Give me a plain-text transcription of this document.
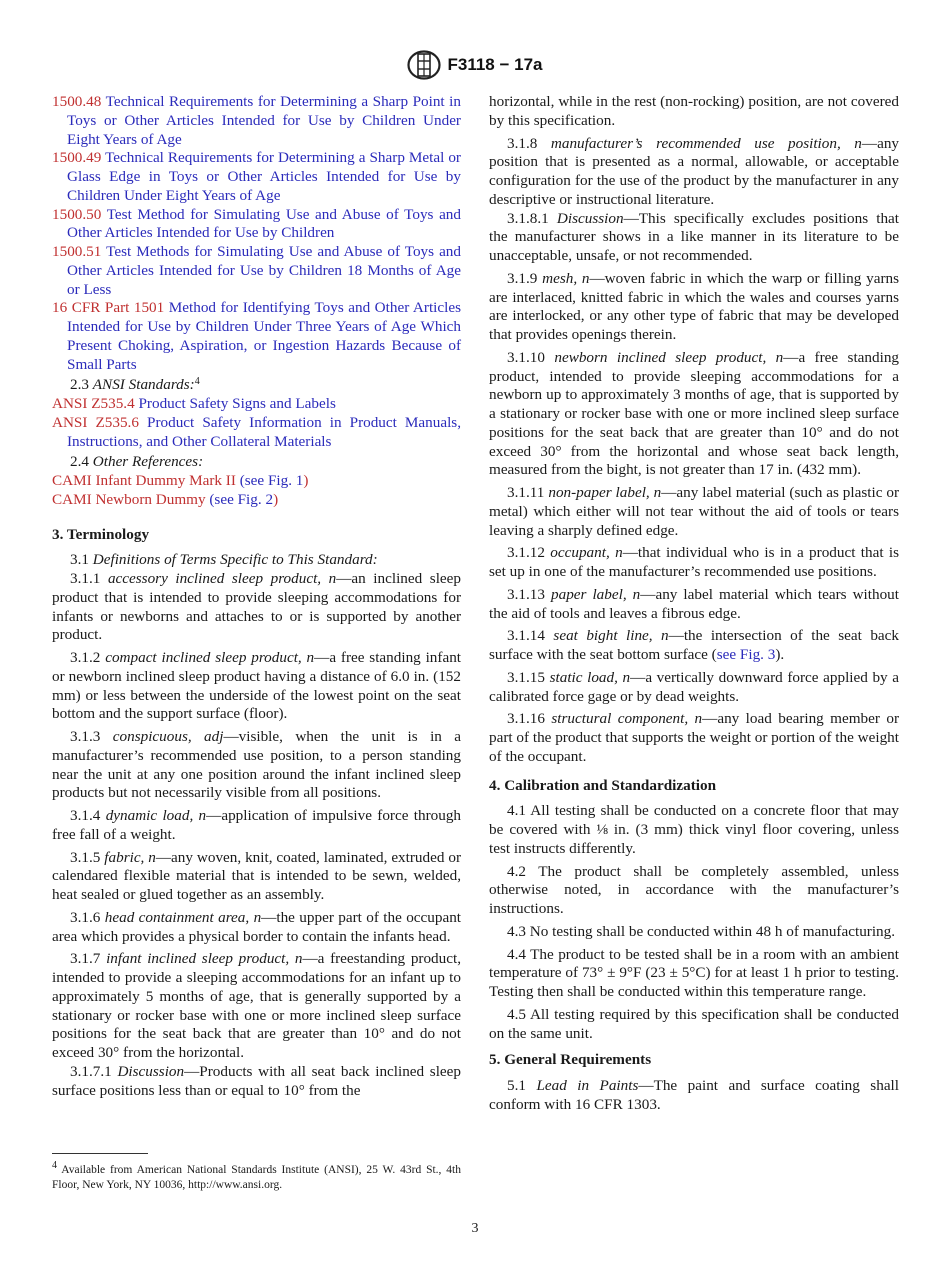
F3118 − 17a

1500.48 Technical Requirements for Determining a Sharp Point in Toys or Other Articles Intended for Use by Children Under Eight Years of Age

1500.49 Technical Requirements for Determining a Sharp Metal or Glass Edge in Toys or Other Articles Intended for Use by Children Under Eight Years of Age

1500.50 Test Method for Simulating Use and Abuse of Toys and Other Articles Intended for Use by Children

1500.51 Test Methods for Simulating Use and Abuse of Toys and Other Articles Intended for Use by Children 18 Months of Age or Less

16 CFR Part 1501 Method for Identifying Toys and Other Articles Intended for Use by Children Under Three Years of Age Which Present Choking, Aspiration, or Ingestion Hazards Because of Small Parts

2.3 ANSI Standards:$^4$

ANSI Z535.4 Product Safety Signs and Labels

ANSI Z535.6 Product Safety Information in Product Manuals, Instructions, and Other Collateral Materials

2.4 Other References:

CAMI Infant Dummy Mark II (see Fig. 1)

CAMI Newborn Dummy (see Fig. 2)

3. Terminology

3.1 Definitions of Terms Specific to This Standard:

3.1.1 accessory inclined sleep product, n—an inclined sleep product that is intended to provide sleeping accommodations for infants or newborns and attaches to or is supported by another product.

3.1.2 compact inclined sleep product, n—a free standing infant or newborn inclined sleep product having a distance of 6.0 in. (152 mm) or less between the underside of the lowest point on the seat bottom and the support surface (floor).

3.1.3 conspicuous, adj—visible, when the unit is in a manufacturer’s recommended use position, to a person standing near the unit at any one position around the infant inclined sleep products but not necessarily visible from all positions.

3.1.4 dynamic load, n—application of impulsive force through free fall of a weight.

3.1.5 fabric, n—any woven, knit, coated, laminated, extruded or calendared flexible material that is intended to be sewn, welded, heat sealed or glued together as an assembly.

3.1.6 head containment area, n—the upper part of the occupant area which provides a physical border to contain the infants head.

3.1.7 infant inclined sleep product, n—a freestanding product, intended to provide a sleeping accommodations for an infant up to approximately 5 months of age, that is generally supported by a stationary or rocker base with one or more inclined sleep surface positions for the seat back that are greater than 10° and do not exceed 30° from the horizontal.

3.1.7.1 Discussion—Products with all seat back inclined sleep surface positions less than or equal to 10° from the

horizontal, while in the rest (non-rocking) position, are not covered by this specification.

3.1.8 manufacturer’s recommended use position, n—any position that is presented as a normal, allowable, or acceptable configuration for the use of the product by the manufacturer in any descriptive or instructional literature.

3.1.8.1 Discussion—This specifically excludes positions that the manufacturer shows in a like manner in its literature to be unacceptable, unsafe, or not recommended.

3.1.9 mesh, n—woven fabric in which the warp or filling yarns are interlaced, knitted fabric in which the wales and courses yarns are interlocked, or any other type of fabric that may be developed that provides openings therein.

3.1.10 newborn inclined sleep product, n—a free standing product, intended to provide sleeping accommodations for a newborn up to approximately 3 months of age, that is supported by a stationary or rocker base with one or more inclined sleep surface positions for the seat back that are greater than 10° and do not exceed 30° from the horizontal and whose seat back length, measured from the bight, is not greater than 17 in. (432 mm).

3.1.11 non-paper label, n—any label material (such as plastic or metal) which either will not tear without the aid of tools or tears leaving a sharply defined edge.

3.1.12 occupant, n—that individual who is in a product that is set up in one of the manufacturer’s recommended use positions.

3.1.13 paper label, n—any label material which tears without the aid of tools and leaves a fibrous edge.

3.1.14 seat bight line, n—the intersection of the seat back surface with the seat bottom surface (see Fig. 3).

3.1.15 static load, n—a vertically downward force applied by a calibrated force gage or by dead weights.

3.1.16 structural component, n—any load bearing member or part of the product that supports the weight or portion of the weight of the occupant.

4. Calibration and Standardization

4.1 All testing shall be conducted on a concrete floor that may be covered with ⅛ in. (3 mm) thick vinyl floor covering, unless test instructs differently.

4.2 The product shall be completely assembled, unless otherwise noted, in accordance with the manufacturer’s instructions.

4.3 No testing shall be conducted within 48 h of manufacturing.

4.4 The product to be tested shall be in a room with an ambient temperature of 73° ± 9°F (23 ± 5°C) for at least 1 h prior to testing. Testing then shall be conducted within this temperature range.

4.5 All testing required by this specification shall be conducted on the same unit.

5. General Requirements

5.1 Lead in Paints—The paint and surface coating shall conform with 16 CFR 1303.

$^4$ Available from American National Standards Institute (ANSI), 25 W. 43rd St., 4th Floor, New York, NY 10036, http://www.ansi.org.

3
